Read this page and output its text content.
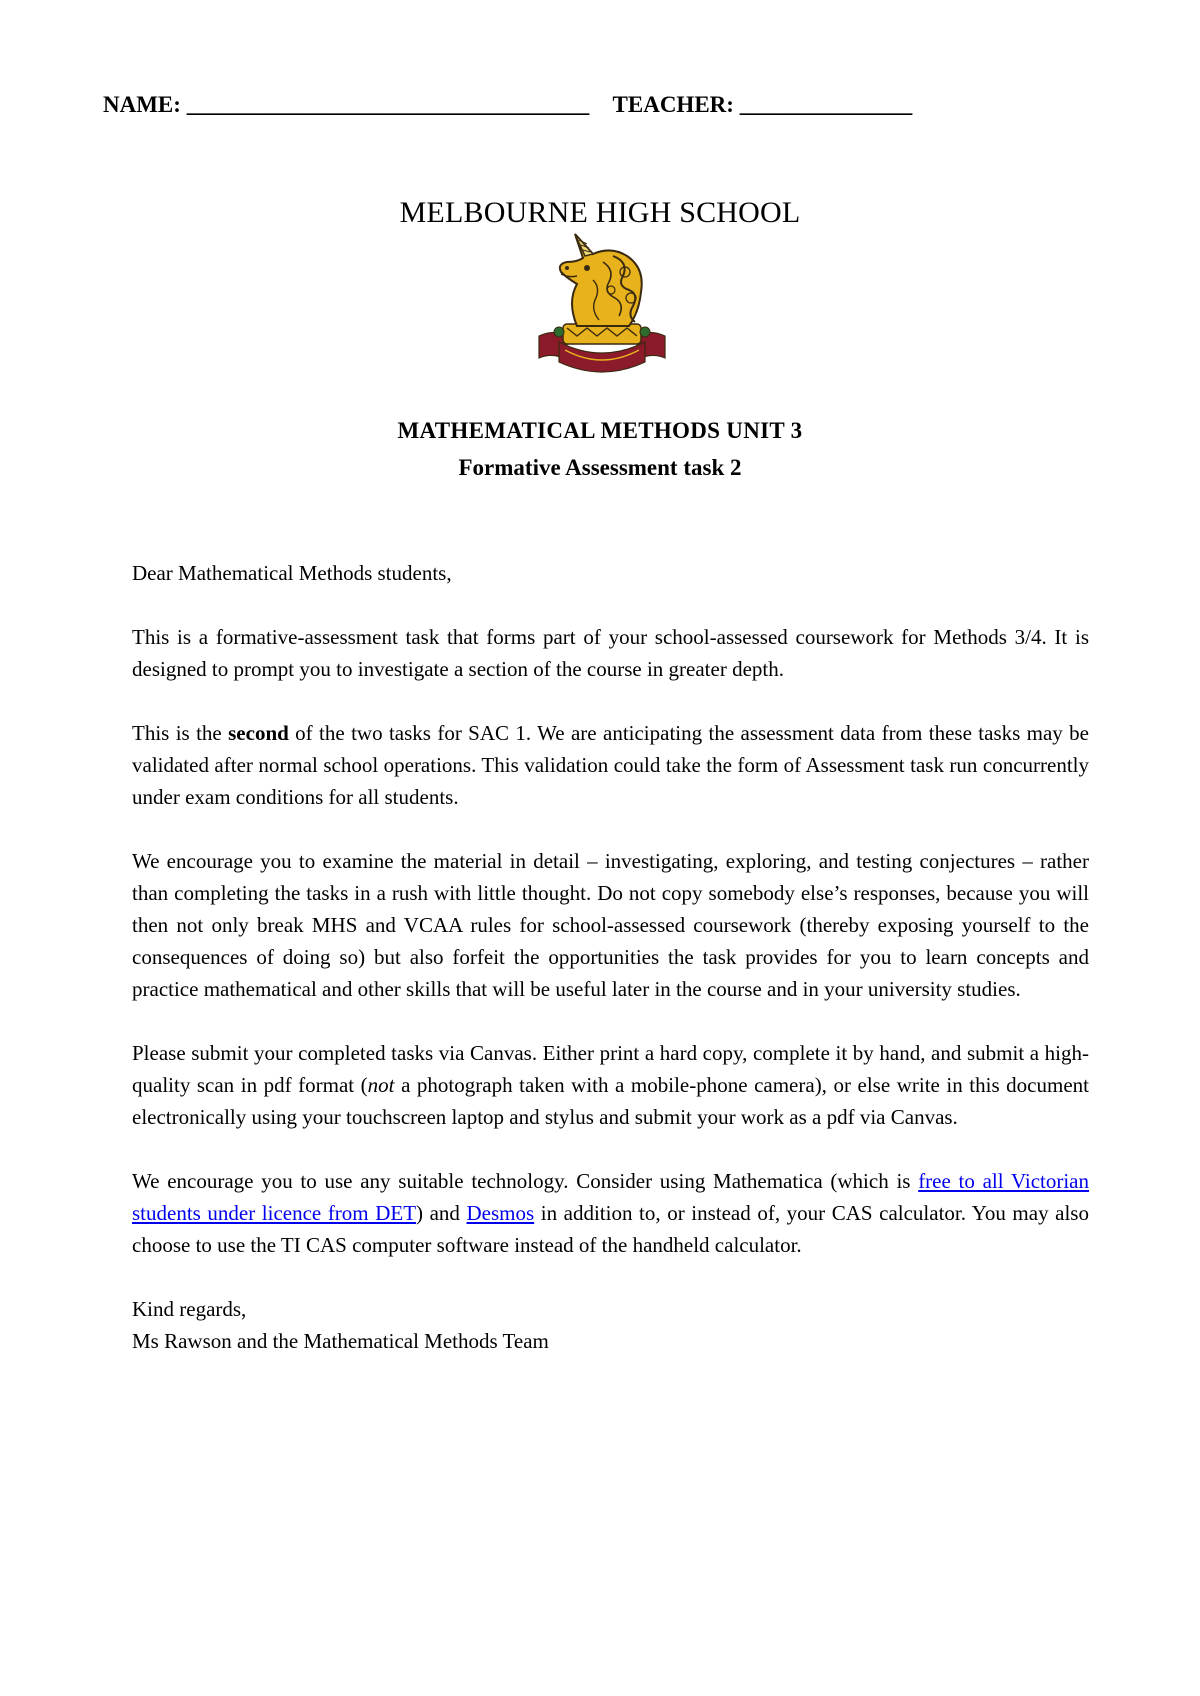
NAME: ___________________________________ TEACHER: _______________
MELBOURNE HIGH SCHOOL
MATHEMATICAL METHODS UNIT 3
Formative Assessment task 2

Dear Mathematical Methods students,

This is a formative-assessment task that forms part of your school-assessed coursework for Methods 3/4. It is designed to prompt you to investigate a section of the course in greater depth.

This is the second of the two tasks for SAC 1. We are anticipating the assessment data from these tasks may be validated after normal school operations. This validation could take the form of Assessment task run concurrently under exam conditions for all students.

We encourage you to examine the material in detail – investigating, exploring, and testing conjectures – rather than completing the tasks in a rush with little thought. Do not copy somebody else’s responses, because you will then not only break MHS and VCAA rules for school-assessed coursework (thereby exposing yourself to the consequences of doing so) but also forfeit the opportunities the task provides for you to learn concepts and practice mathematical and other skills that will be useful later in the course and in your university studies.

Please submit your completed tasks via Canvas. Either print a hard copy, complete it by hand, and submit a high-quality scan in pdf format (not a photograph taken with a mobile-phone camera), or else write in this document electronically using your touchscreen laptop and stylus and submit your work as a pdf via Canvas.

We encourage you to use any suitable technology. Consider using Mathematica (which is free to all Victorian students under licence from DET) and Desmos in addition to, or instead of, your CAS calculator. You may also choose to use the TI CAS computer software instead of the handheld calculator.

Kind regards,

Ms Rawson and the Mathematical Methods Team
